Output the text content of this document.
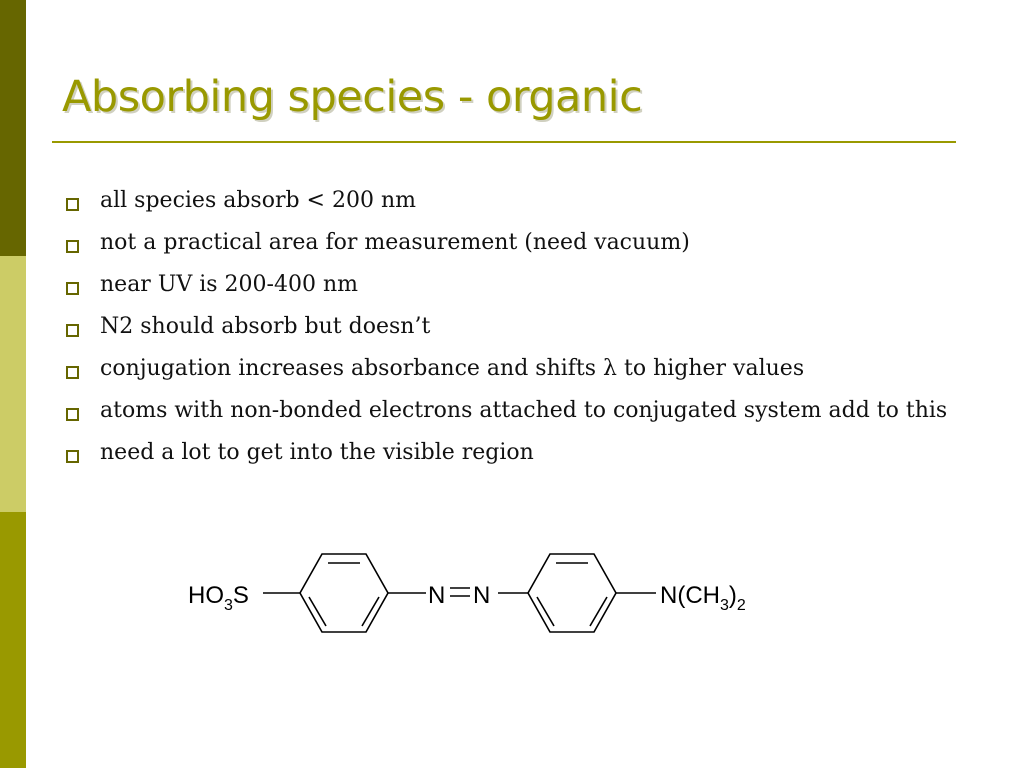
Absorbing species - organic
all species absorb < 200 nm
not a practical area for measurement (need vacuum)
near UV is 200-400 nm
N2 should absorb but doesn’t
conjugation increases absorbance and shifts λ to higher values
atoms with non-bonded electrons attached to conjugated system add to this
need a lot to get into the visible region
$HO_3S$	N N	$N(CH_3)_2$
